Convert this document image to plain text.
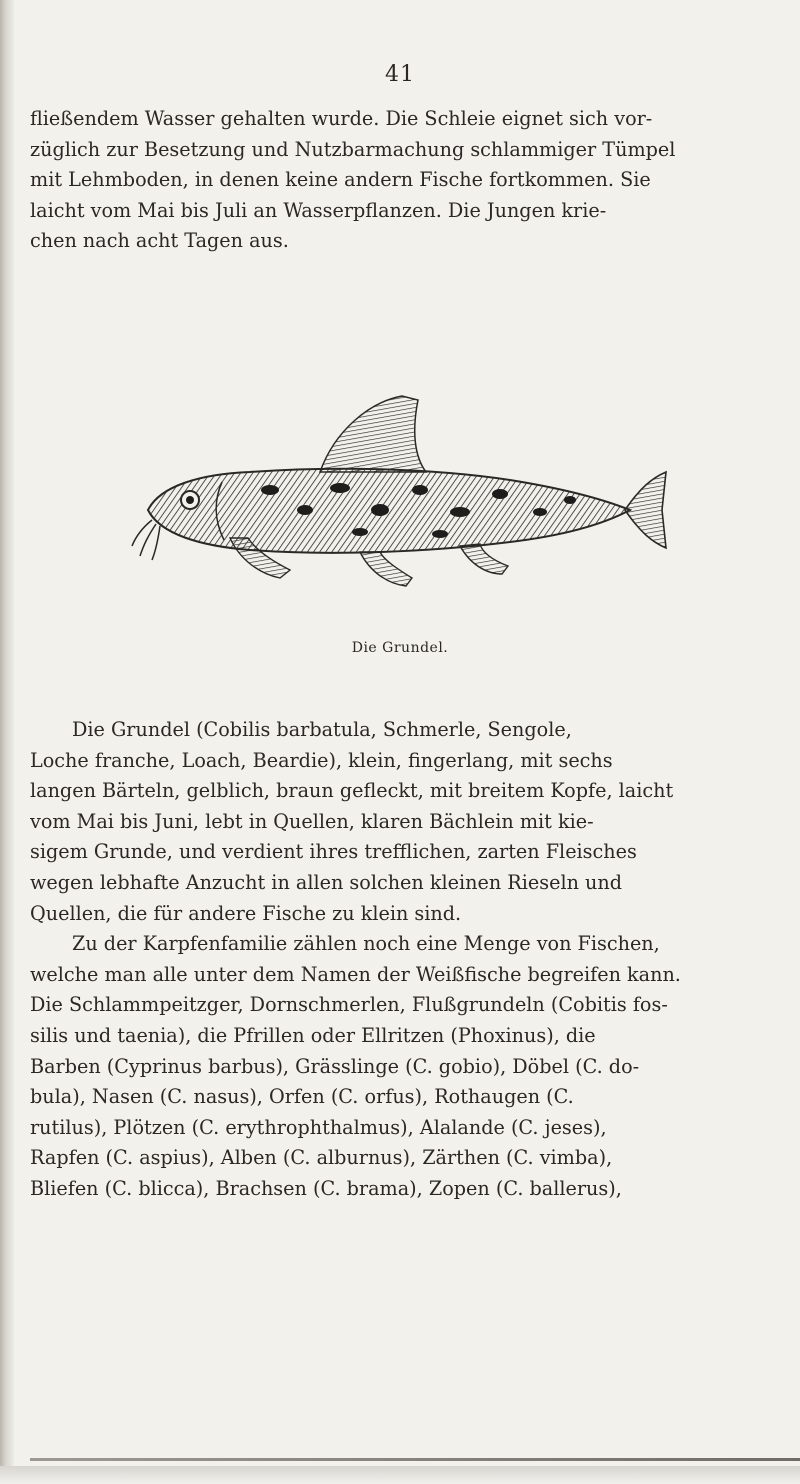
41

fließendem Wasser gehalten wurde. Die Schleie eignet sich vor-
züglich zur Besetzung und Nutzbarmachung schlammiger Tümpel
mit Lehmboden, in denen keine andern Fische fortkommen. Sie
laicht vom Mai bis Juli an Wasserpflanzen. Die Jungen krie-
chen nach acht Tagen aus.

Die Grundel.

Die Grundel (Cobilis barbatula, Schmerle, Sengole,
Loche franche, Loach, Beardie), klein, fingerlang, mit sechs
langen Bärteln, gelblich, braun gefleckt, mit breitem Kopfe, laicht
vom Mai bis Juni, lebt in Quellen, klaren Bächlein mit kie-
sigem Grunde, und verdient ihres trefflichen, zarten Fleisches
wegen lebhafte Anzucht in allen solchen kleinen Rieseln und
Quellen, die für andere Fische zu klein sind.

Zu der Karpfenfamilie zählen noch eine Menge von Fischen,
welche man alle unter dem Namen der Weißfische begreifen kann.
Die Schlammpeitzger, Dornschmerlen, Flußgrundeln (Cobitis fos-
silis und taenia), die Pfrillen oder Ellritzen (Phoxinus), die
Barben (Cyprinus barbus), Grässlinge (C. gobio), Döbel (C. do-
bula), Nasen (C. nasus), Orfen (C. orfus), Rothaugen (C.
rutilus), Plötzen (C. erythrophthalmus), Alalande (C. jeses),
Rapfen (C. aspius), Alben (C. alburnus), Zärthen (C. vimba),
Bliefen (C. blicca), Brachsen (C. brama), Zopen (C. ballerus),
